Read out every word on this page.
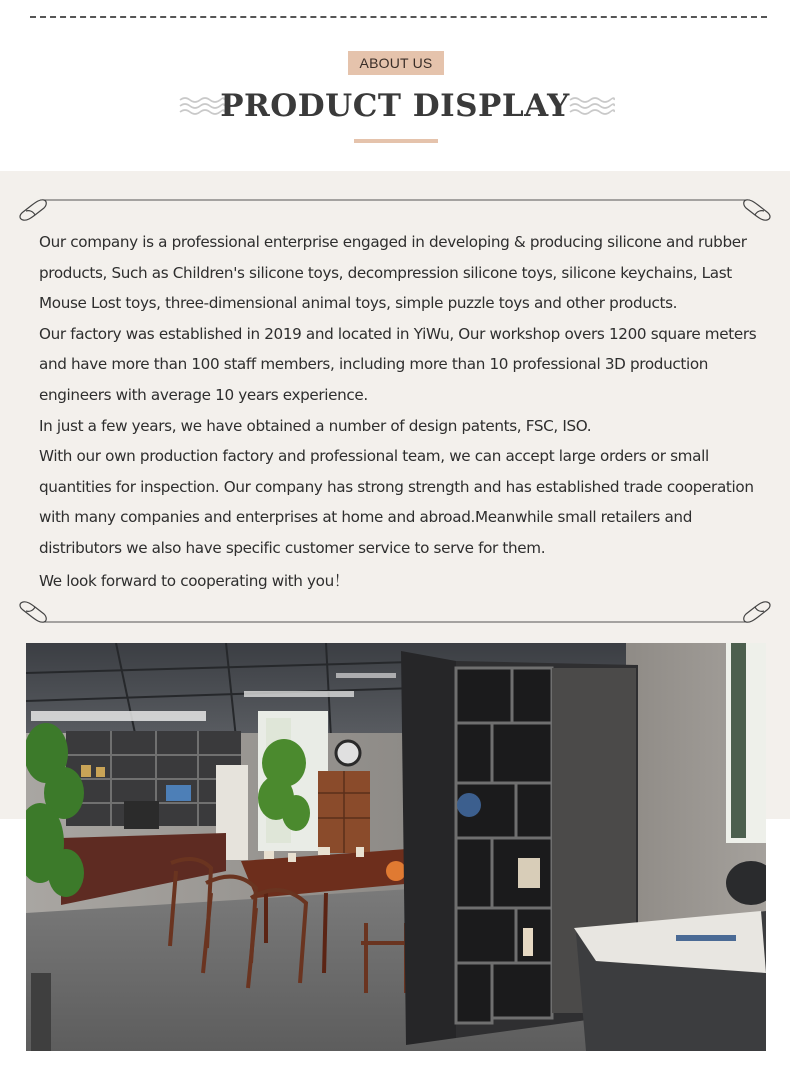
ABOUT US
PRODUCT DISPLAY

Our company is a professional enterprise engaged in developing & producing silicone and rubber

products, Such as Children's silicone toys, decompression silicone toys, silicone keychains, Last

Mouse Lost toys, three-dimensional animal toys, simple puzzle toys and other products.

Our factory was established in 2019 and located in YiWu, Our workshop overs 1200 square meters

and have more than 100 staff members, including more than 10 professional 3D production

engineers with average 10 years experience.

In just a few years, we have obtained a number of design patents, FSC, ISO.

With our own production factory and professional team, we can accept large orders or small

quantities for inspection. Our company has strong strength and has established trade cooperation

with many companies and enterprises at home and abroad.Meanwhile small retailers and

distributors we also have specific customer service to serve for them.

We look forward to cooperating with you！
